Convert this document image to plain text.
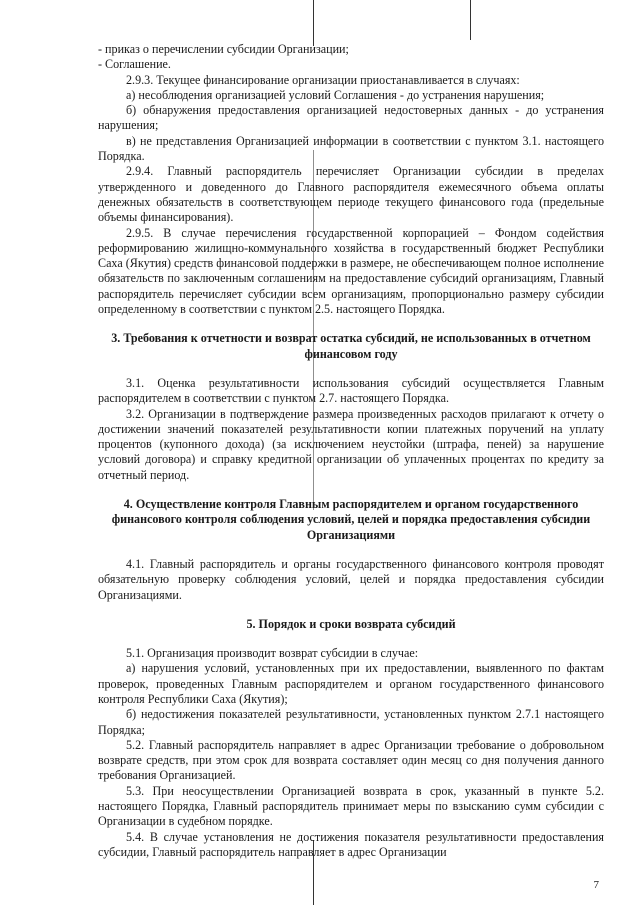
- приказ о перечислении субсидии Организации;

- Соглашение.

2.9.3. Текущее финансирование организации приостанавливается в случаях:

а) несоблюдения организацией условий Соглашения - до устранения нарушения;

б) обнаружения предоставления организацией недостоверных данных - до устранения нарушения;

в) не представления Организацией информации в соответствии с пунктом 3.1. настоящего Порядка.

2.9.4. Главный распорядитель перечисляет Организации субсидии в пределах утвержденного и доведенного до Главного распорядителя ежемесячного объема оплаты денежных обязательств в соответствующем периоде текущего финансового года (предельные объемы финансирования).

2.9.5. В случае перечисления государственной корпорацией – Фондом содействия реформированию жилищно-коммунального хозяйства в государственный бюджет Республики Саха (Якутия) средств финансовой поддержки в размере, не обеспечивающем полное исполнение обязательств по заключенным соглашениям на предоставление субсидий организациям, Главный распорядитель перечисляет субсидии всем организациям, пропорционально размеру субсидии определенному в соответствии с пунктом 2.5. настоящего Порядка.

3. Требования к отчетности и возврат остатка субсидий, не использованных в отчетном финансовом году

3.1. Оценка результативности использования субсидий осуществляется Главным распорядителем в соответствии с пунктом 2.7. настоящего Порядка.

3.2. Организации в подтверждение размера произведенных расходов прилагают к отчету о достижении значений показателей результативности копии платежных поручений на уплату процентов (купонного дохода) (за исключением неустойки (штрафа, пеней) за нарушение условий договора) и справку кредитной организации об уплаченных процентах по кредиту за отчетный период.

4. Осуществление контроля Главным распорядителем и органом государственного финансового контроля соблюдения условий, целей и порядка предоставления субсидии Организациями

4.1. Главный распорядитель и органы государственного финансового контроля проводят обязательную проверку соблюдения условий, целей и порядка предоставления субсидии Организациями.

5. Порядок и сроки возврата субсидий

5.1. Организация производит возврат субсидии в случае:

а) нарушения условий, установленных при их предоставлении, выявленного по фактам проверок, проведенных Главным распорядителем и органом государственного финансового контроля Республики Саха (Якутия);

б) недостижения показателей результативности, установленных пунктом 2.7.1 настоящего Порядка;

5.2. Главный распорядитель направляет в адрес Организации требование о добровольном возврате средств, при этом срок для возврата составляет один месяц со дня получения данного требования Организацией.

5.3. При неосуществлении Организацией возврата в срок, указанный в пункте 5.2. настоящего Порядка, Главный распорядитель принимает меры по взысканию сумм субсидии с Организации в судебном порядке.

5.4. В случае установления не достижения показателя результативности предоставления субсидии, Главный распорядитель направляет в адрес Организации

7
